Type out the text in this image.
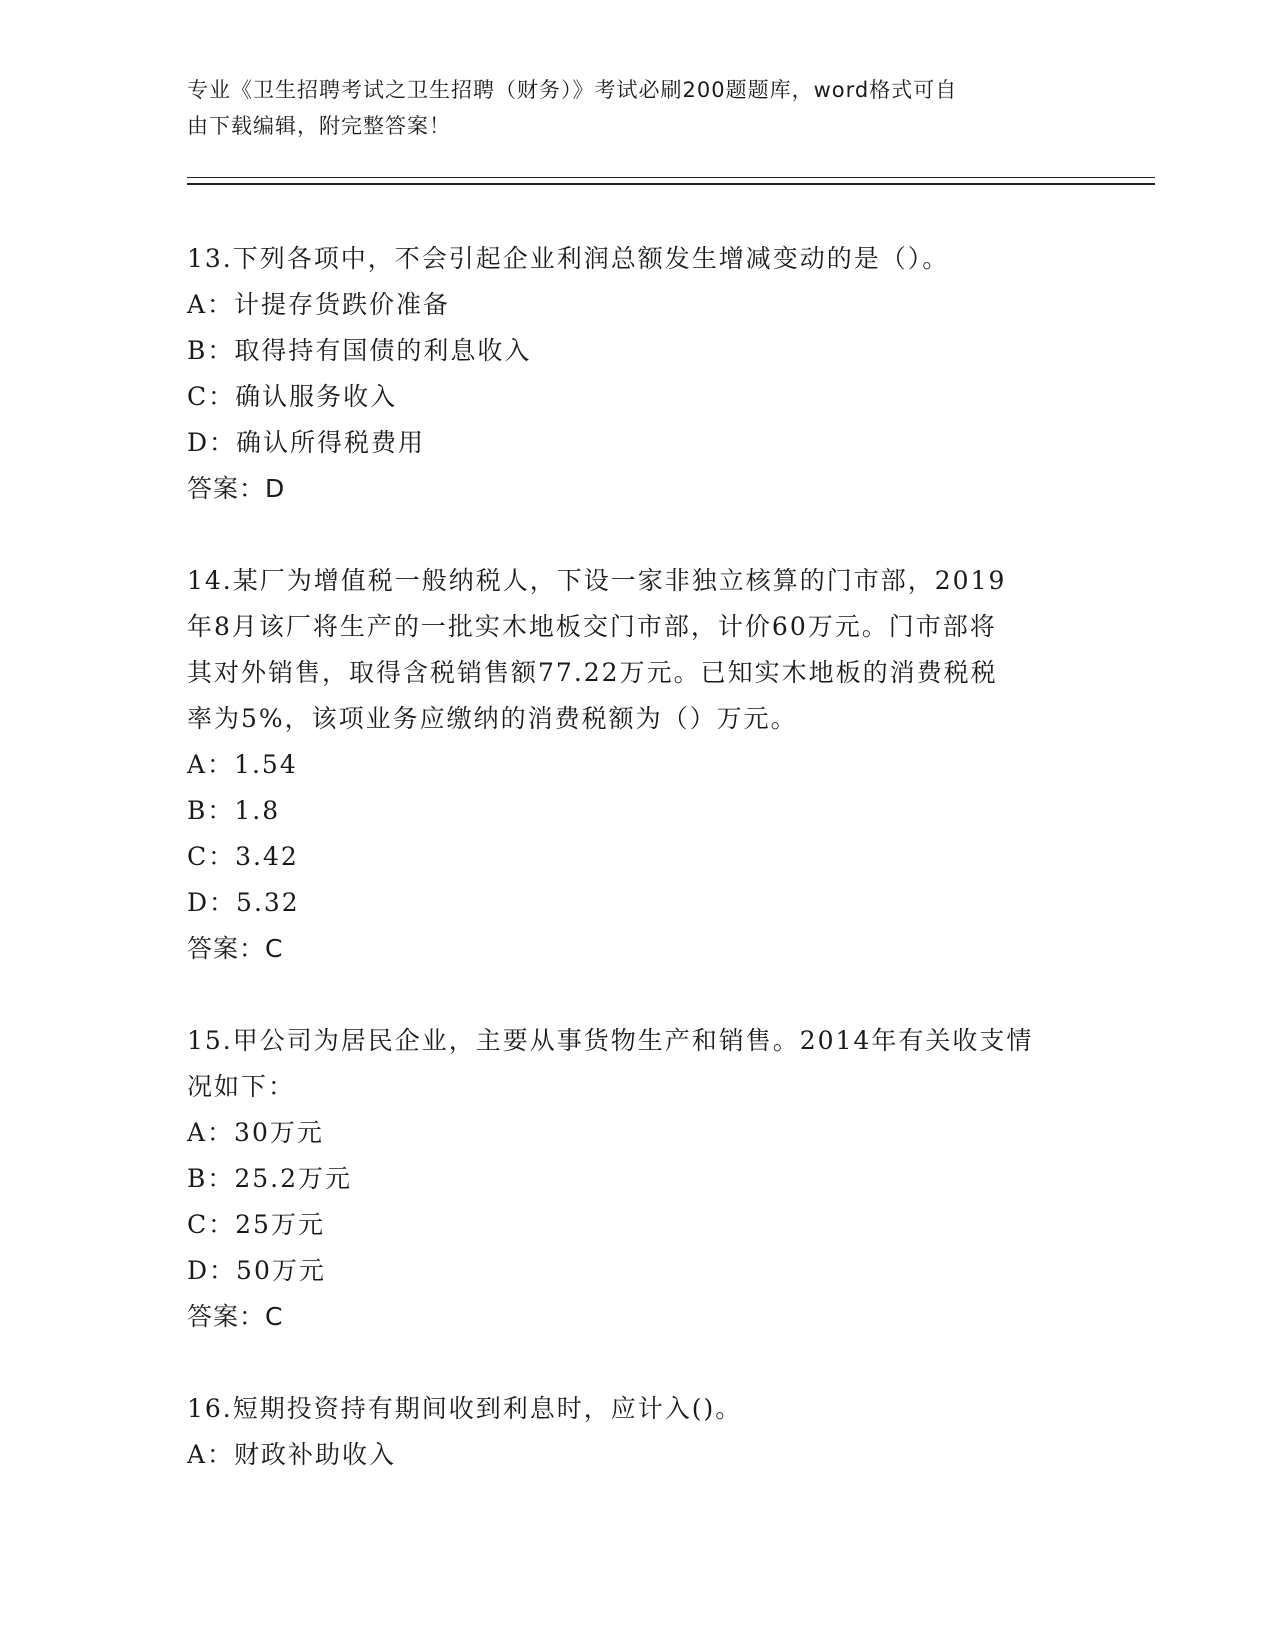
专业《卫生招聘考试之卫生招聘（财务）》考试必刷200题题库，word格式可自
由下载编辑，附完整答案！
13.下列各项中，不会引起企业利润总额发生增减变动的是（）。
A：计提存货跌价准备
B：取得持有国债的利息收入
C：确认服务收入
D：确认所得税费用
答案：D
14.某厂为增值税一般纳税人，下设一家非独立核算的门市部，2019
年8月该厂将生产的一批实木地板交门市部，计价60万元。门市部将
其对外销售，取得含税销售额77.22万元。已知实木地板的消费税税
率为5%，该项业务应缴纳的消费税额为（）万元。
A：1.54
B：1.8
C：3.42
D：5.32
答案：C
15.甲公司为居民企业，主要从事货物生产和销售。2014年有关收支情
况如下：
A：30万元
B：25.2万元
C：25万元
D：50万元
答案：C
16.短期投资持有期间收到利息时，应计入()。
A：财政补助收入
